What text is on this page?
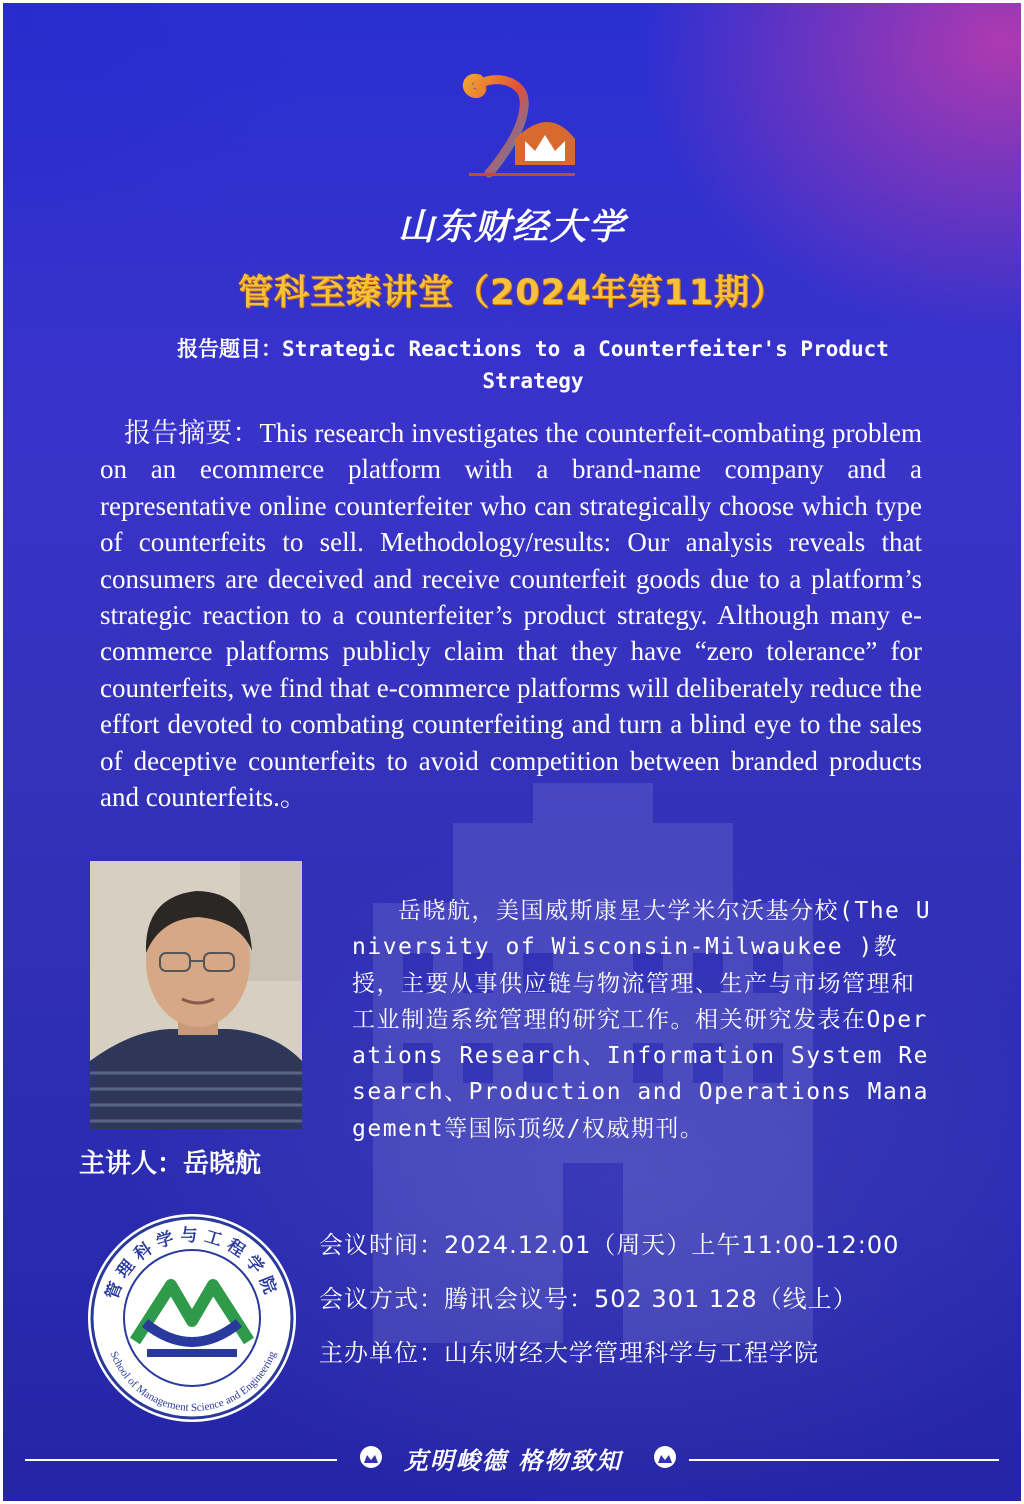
山东财经大学
管科至臻讲堂（2024年第11期）
报告题目：Strategic Reactions to a Counterfeiter's Product Strategy
报告摘要：This research investigates the counterfeit-combating problem on an ecommerce platform with a brand-name company and a representative online counterfeiter who can strategically choose which type of counterfeits to sell. Methodology/results: Our analysis reveals that consumers are deceived and receive counterfeit goods due to a platform’s strategic reaction to a counterfeiter’s product strategy. Although many e-commerce platforms publicly claim that they have “zero tolerance” for counterfeits, we find that e-commerce platforms will deliberately reduce the effort devoted to combating counterfeiting and turn a blind eye to the sales of deceptive counterfeits to avoid competition between branded products and counterfeits.。
主讲人：岳晓航
岳晓航，美国威斯康星大学米尔沃基分校(The University of Wisconsin-Milwaukee )教授，主要从事供应链与物流管理、生产与市场管理和工业制造系统管理的研究工作。相关研究发表在Operations Research、Information System Research、Production and Operations Management等国际顶级/权威期刊。
管理科学与工程学院
School of Management Science and Engineering
会议时间：2024.12.01（周天）上午11:00-12:00
会议方式：腾讯会议号：502 301 128（线上）
主办单位：山东财经大学管理科学与工程学院
克明峻德 格物致知
